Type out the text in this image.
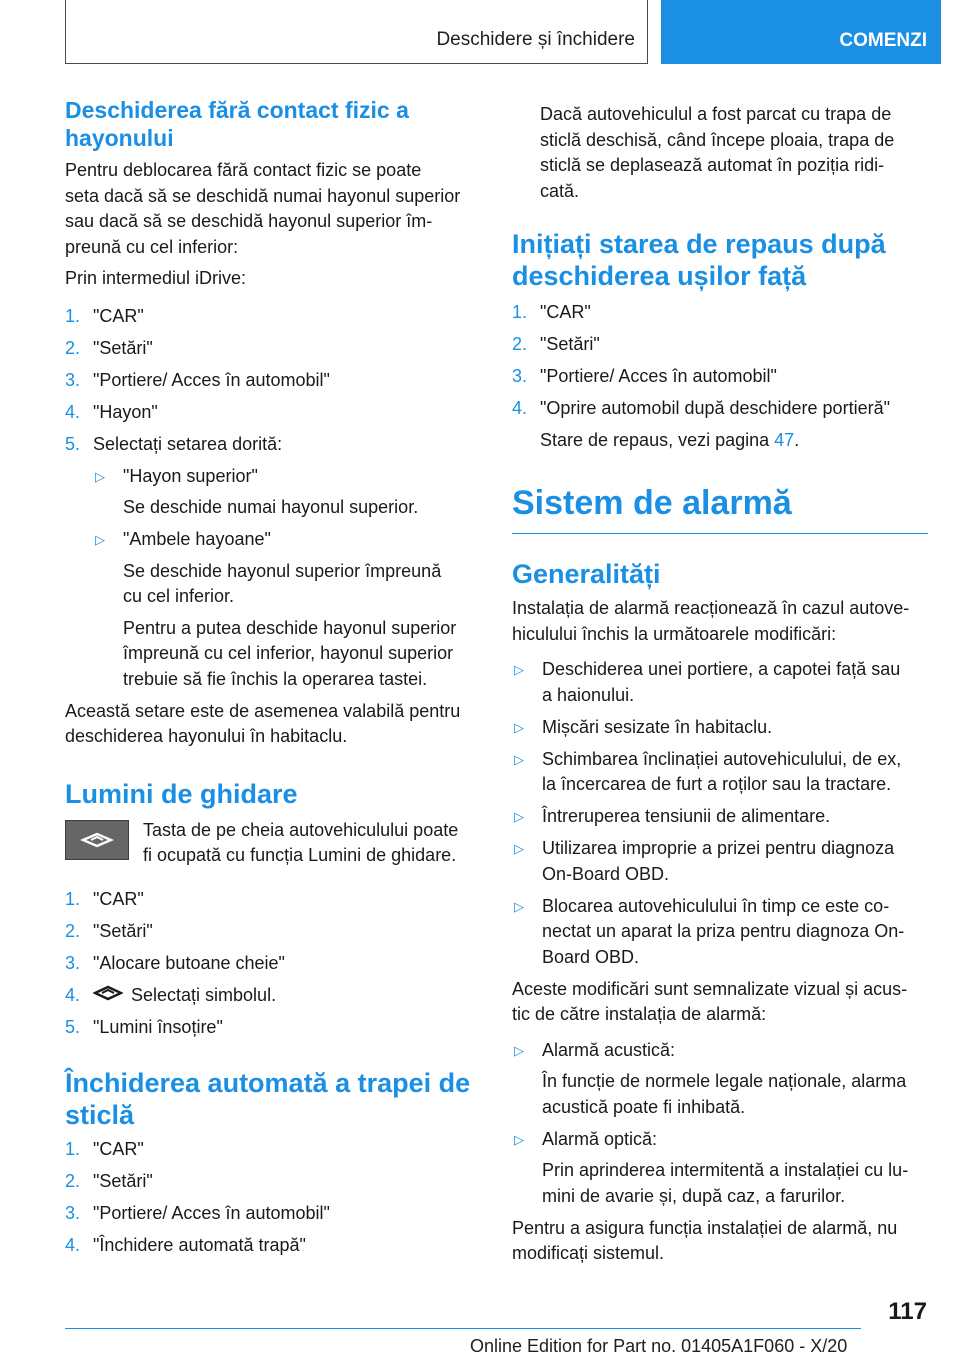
Deschidere și închidere	COMENZI
Deschiderea fără contact fizic a
hayonului

Pentru deblocarea fără contact fizic se poate
seta dacă să se deschidă numai hayonul superior
sau dacă să se deschidă hayonul superior îm-
preună cu cel inferior:

Prin intermediul iDrive:

1. "CAR"
2. "Setări"
3. "Portiere/ Acces în automobil"
4. "Hayon"
5. Selectați setarea dorită:
▷ "Hayon superior"
Se deschide numai hayonul superior.
▷ "Ambele hayoane"
Se deschide hayonul superior împreună
cu cel inferior.
Pentru a putea deschide hayonul superior
împreună cu cel inferior, hayonul superior
trebuie să fie închis la operarea tastei.

Această setare este de asemenea valabilă pentru
deschiderea hayonului în habitaclu.

Lumini de ghidare

Tasta de pe cheia autovehiculului poate
fi ocupată cu funcția Lumini de ghidare.

1. "CAR"
2. "Setări"
3. "Alocare butoane cheie"
4.	Selectați simbolul.
5. "Lumini însoțire"
Închiderea automată a trapei de
sticlă
1. "CAR"
2. "Setări"
3. "Portiere/ Acces în automobil"
4. "Închidere automată trapă"

Dacă autovehiculul a fost parcat cu trapa de
sticlă deschisă, când începe ploaia, trapa de
sticlă se deplasează automat în poziția ridi-
cată.

Inițiați starea de repaus după
deschiderea ușilor față
1. "CAR"
2. "Setări"
3. "Portiere/ Acces în automobil"
4. "Oprire automobil după deschidere portieră"
Stare de repaus, vezi pagina 47.
Sistem de alarmă
Generalități

Instalația de alarmă reacționează în cazul autove-
hiculului închis la următoarele modificări:

▷ Deschiderea unei portiere, a capotei față sau
a haionului.
▷ Mișcări sesizate în habitaclu.
▷ Schimbarea înclinației autovehiculului, de ex,
la încercarea de furt a roților sau la tractare.
▷ Întreruperea tensiunii de alimentare.
▷ Utilizarea improprie a prizei pentru diagnoza
On-Board OBD.
▷ Blocarea autovehiculului în timp ce este co-
nectat un aparat la priza pentru diagnoza On-
Board OBD.

Aceste modificări sunt semnalizate vizual și acus-
tic de către instalația de alarmă:

▷ Alarmă acustică:
În funcție de normele legale naționale, alarma
acustică poate fi inhibată.
▷ Alarmă optică:
Prin aprinderea intermitentă a instalației cu lu-
mini de avarie și, după caz, a farurilor.

Pentru a asigura funcția instalației de alarmă, nu
modificați sistemul.

117
Online Edition for Part no. 01405A1F060 - X/20
